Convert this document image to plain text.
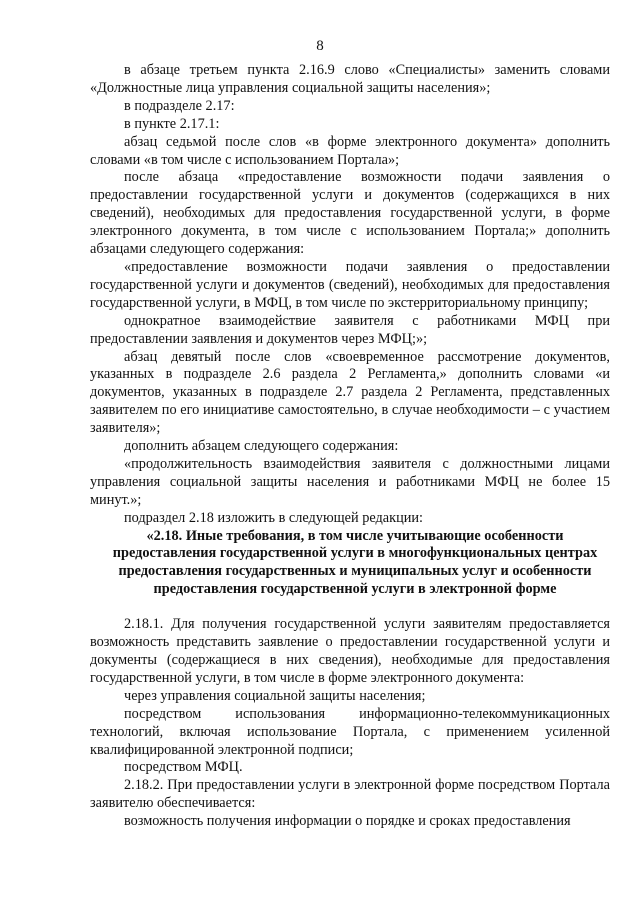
8

в абзаце третьем пункта 2.16.9 слово «Специалисты» заменить словами «Должностные лица управления социальной защиты населения»;

в подразделе 2.17:

в пункте 2.17.1:

абзац седьмой после слов «в форме электронного документа» дополнить словами «в том числе с использованием Портала»;

после абзаца «предоставление возможности подачи заявления о предоставлении государственной услуги и документов (содержащихся в них сведений), необходимых для предоставления государственной услуги, в форме электронного документа, в том числе с использованием Портала;» дополнить абзацами следующего содержания:

«предоставление возможности подачи заявления о предоставлении государственной услуги и документов (сведений), необходимых для предоставления государственной услуги, в МФЦ, в том числе по экстерриториальному принципу;

однократное взаимодействие заявителя с работниками МФЦ при предоставлении заявления и документов через МФЦ;»;

абзац девятый после слов «своевременное рассмотрение документов, указанных в подразделе 2.6 раздела 2 Регламента,» дополнить словами «и документов, указанных в подразделе 2.7 раздела 2 Регламента, представленных заявителем по его инициативе самостоятельно, в случае необходимости – с участием заявителя»;

дополнить абзацем следующего содержания:

«продолжительность взаимодействия заявителя с должностными лицами управления социальной защиты населения и работниками МФЦ не более 15 минут.»;

подраздел 2.18 изложить в следующей редакции:

«2.18. Иные требования, в том числе учитывающие особенности предоставления государственной услуги в многофункциональных центрах предоставления государственных и муниципальных услуг и особенности предоставления государственной услуги в электронной форме

2.18.1. Для получения государственной услуги заявителям предоставляется возможность представить заявление о предоставлении государственной услуги и документы (содержащиеся в них сведения), необходимые для предоставления государственной услуги, в том числе в форме электронного документа:

через управления социальной защиты населения;

посредством использования информационно-телекоммуникационных технологий, включая использование Портала, с применением усиленной квалифицированной электронной подписи;

посредством МФЦ.

2.18.2. При предоставлении услуги в электронной форме посредством Портала заявителю обеспечивается:

возможность получения информации о порядке и сроках предоставления
